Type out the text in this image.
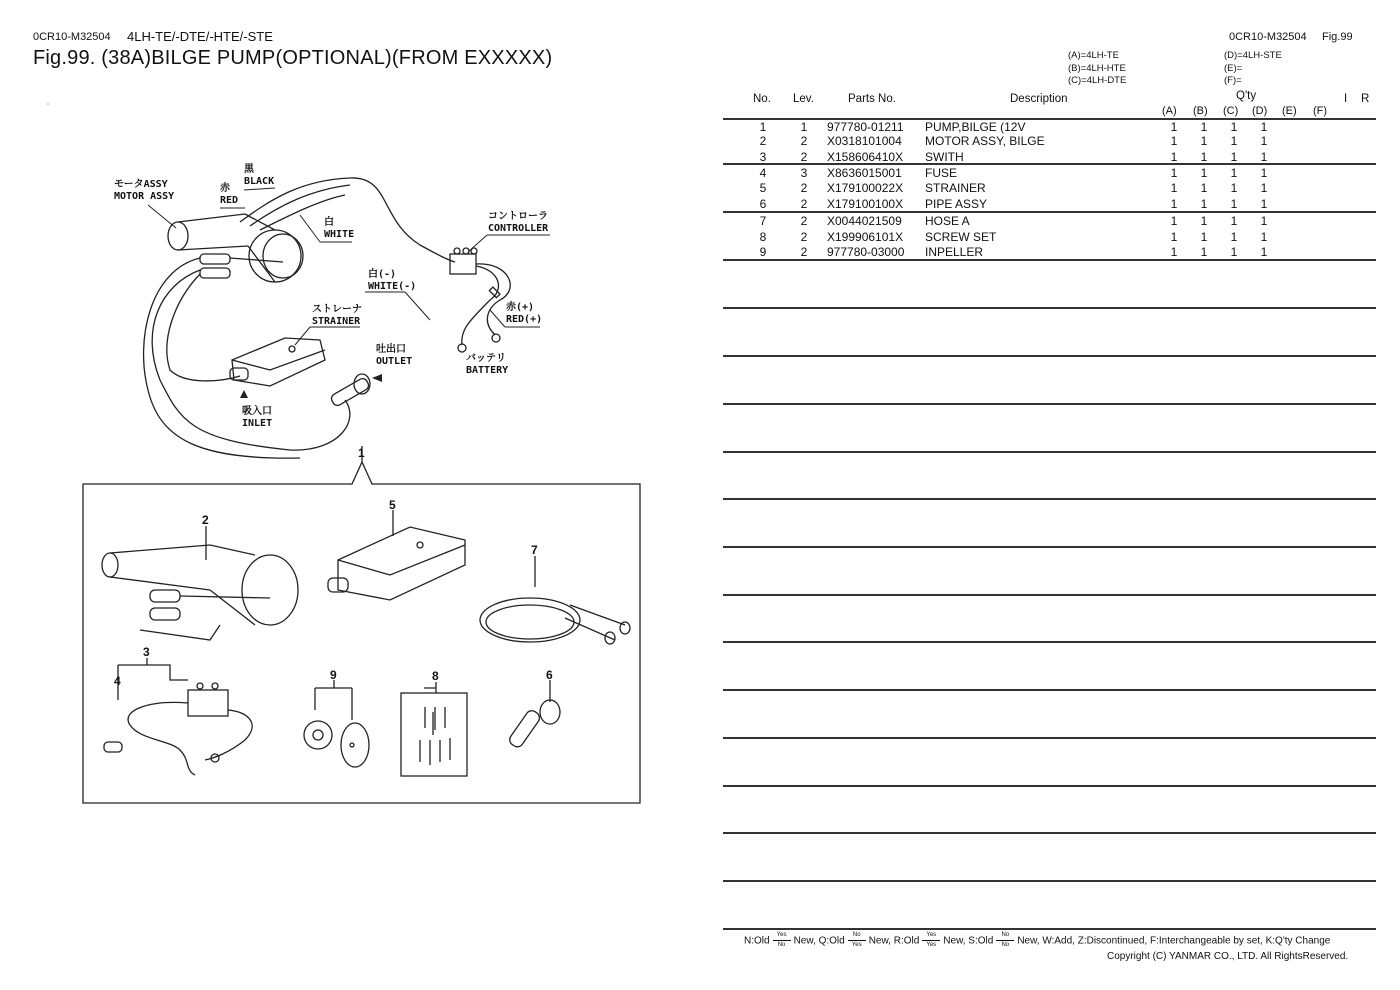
0CR10-M32504 4LH-TE/-DTE/-HTE/-STE
Fig.99. (38A)BILGE PUMP(OPTIONAL)(FROM EXXXXX)
0CR10-M32504 Fig.99
(A)=4LH-TE
(B)=4LH-HTE
(C)=4LH-DTE
(D)=4LH-STE
(E)=
(F)=
No. Lev.	Parts No.	Description	Q'ty	I R
(A) (B) (C) (D) (E) (F)
1	1	977780-01211 PUMP,BILGE (12V	1 1 1 1
2	2	X0318101004 MOTOR ASSY, BILGE	1 1 1 1
3	2	X158606410X SWITH	1 1 1 1
4	3	X8636015001 FUSE	1 1 1 1
5	2	X179100022X STRAINER	1 1 1 1
6	2	X179100100X PIPE ASSY	1 1 1 1
7	2	X0044021509 HOSE A	1 1 1 1
8	2	X199906101X SCREW SET	1 1 1 1
9	2	977780-03000 INPELLER	1 1 1 1
N:Old
Yes
No New, Q:Old
No
Yes New, R:Old
Yes
Yes New, S:Old $\frac{No}{No}$ New, W:Add, Z:Discontinued, F:Interchangeable by set, K:Q'ty Change
Copyright (C) YANMAR CO., LTD. All RightsReserved.
モータASSY
MOTOR ASSY
黒
BLACK
赤
RED
白
WHITE
コントローラ
CONTROLLER
白(-)
WHITE(-)
赤(+)
RED(+)
ストレーナ
STRAINER
吐出口
OUTLET	バッテリ
BATTERY
吸入口
INLET
1
2
3
4
5
6
7
8
9
